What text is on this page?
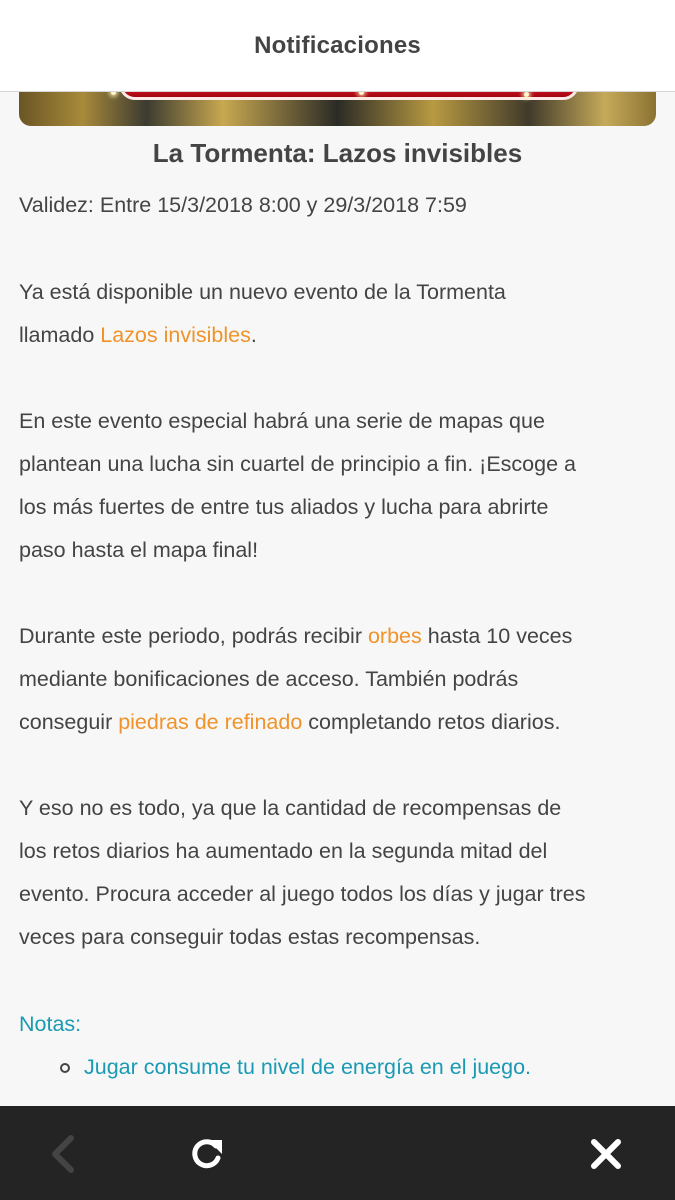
Notificaciones
La Tormenta: Lazos invisibles
Validez: Entre 15/3/2018 8:00 y 29/3/2018 7:59
Ya está disponible un nuevo evento de la Tormenta
llamado Lazos invisibles.
En este evento especial habrá una serie de mapas que
plantean una lucha sin cuartel de principio a fin. ¡Escoge a
los más fuertes de entre tus aliados y lucha para abrirte
paso hasta el mapa final!
Durante este periodo, podrás recibir orbes hasta 10 veces
mediante bonificaciones de acceso. También podrás
conseguir piedras de refinado completando retos diarios.
Y eso no es todo, ya que la cantidad de recompensas de
los retos diarios ha aumentado en la segunda mitad del
evento. Procura acceder al juego todos los días y jugar tres
veces para conseguir todas estas recompensas.
Notas:
Jugar consume tu nivel de energía en el juego.
